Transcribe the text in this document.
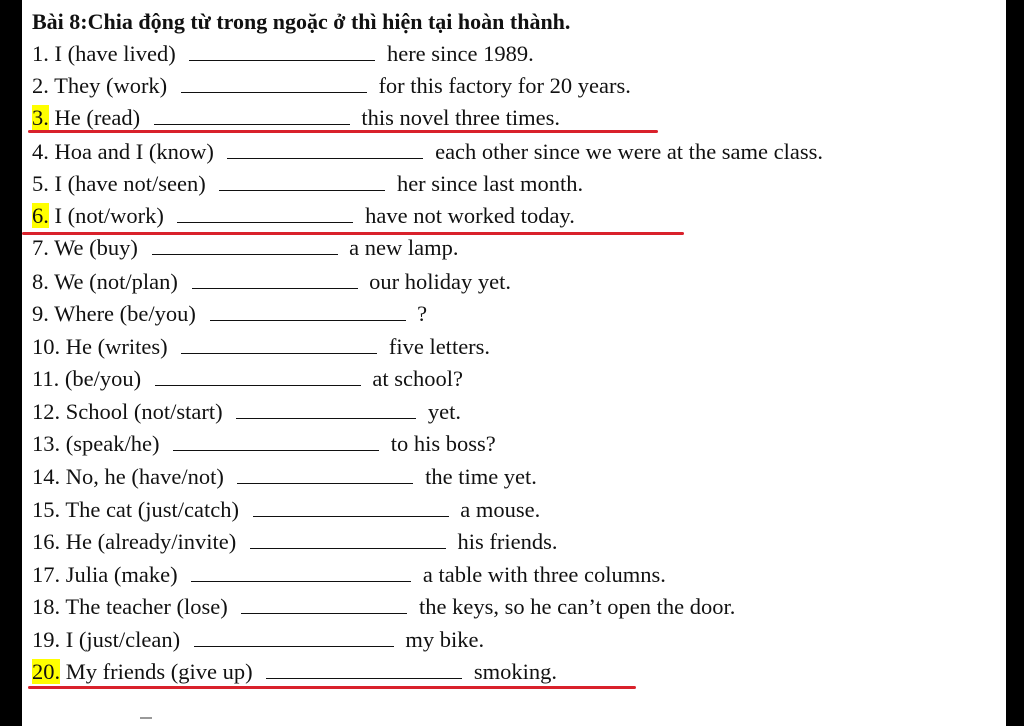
Bài 8:Chia động từ trong ngoặc ở thì hiện tại hoàn thành.
1. I (have lived)	here since 1989.
2. They (work)	for this factory for 20 years.
3. He (read)	this novel three times.
4. Hoa and I (know)	each other since we were at the same class.
5. I (have not/seen)	her since last month.
6. I (not/work)	have not worked today.
7. We (buy)	a new lamp.
8. We (not/plan)	our holiday yet.
9. Where (be/you)	?
10. He (writes)	five letters.
11. (be/you)	at school?
12. School (not/start)	yet.
13. (speak/he)	to his boss?
14. No, he (have/not)	the time yet.
15. The cat (just/catch)	a mouse.
16. He (already/invite)	his friends.
17. Julia (make)	a table with three columns.
18. The teacher (lose)	the keys, so he can’t open the door.
19. I (just/clean)	my bike.
20. My friends (give up)	smoking.
